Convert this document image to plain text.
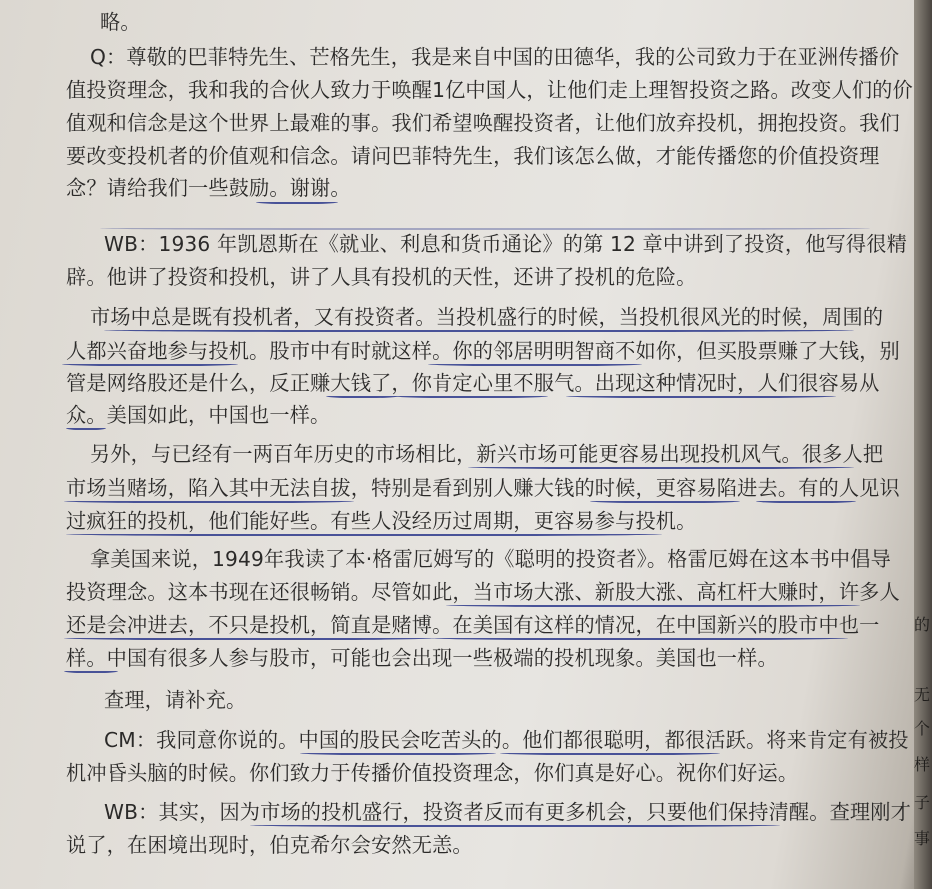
略。
Q：尊敬的巴菲特先生、芒格先生，我是来自中国的田德华，我的公司致力于在亚洲传播价
值投资理念，我和我的合伙人致力于唤醒1亿中国人，让他们走上理智投资之路。改变人们的价
值观和信念是这个世界上最难的事。我们希望唤醒投资者，让他们放弃投机，拥抱投资。我们
要改变投机者的价值观和信念。请问巴菲特先生，我们该怎么做，才能传播您的价值投资理
念？请给我们一些鼓励。谢谢。
WB：1936 年凯恩斯在《就业、利息和货币通论》的第 12 章中讲到了投资，他写得很精
辟。他讲了投资和投机，讲了人具有投机的天性，还讲了投机的危险。
市场中总是既有投机者，又有投资者。当投机盛行的时候，当投机很风光的时候，周围的
人都兴奋地参与投机。股市中有时就这样。你的邻居明明智商不如你，但买股票赚了大钱，别
管是网络股还是什么，反正赚大钱了，你肯定心里不服气。出现这种情况时，人们很容易从
众。美国如此，中国也一样。
另外，与已经有一两百年历史的市场相比，新兴市场可能更容易出现投机风气。很多人把
市场当赌场，陷入其中无法自拔，特别是看到别人赚大钱的时候，更容易陷进去。有的人见识
过疯狂的投机，他们能好些。有些人没经历过周期，更容易参与投机。
拿美国来说，1949年我读了本·格雷厄姆写的《聪明的投资者》。格雷厄姆在这本书中倡导
投资理念。这本书现在还很畅销。尽管如此，当市场大涨、新股大涨、高杠杆大赚时，许多人
还是会冲进去，不只是投机，简直是赌博。在美国有这样的情况，在中国新兴的股市中也一
样。中国有很多人参与股市，可能也会出现一些极端的投机现象。美国也一样。
查理，请补充。
CM：我同意你说的。中国的股民会吃苦头的。他们都很聪明，都很活跃。将来肯定有被投
机冲昏头脑的时候。你们致力于传播价值投资理念，你们真是好心。祝你们好运。
WB：其实，因为市场的投机盛行，投资者反而有更多机会，只要他们保持清醒。查理刚才
说了，在困境出现时，伯克希尔会安然无恙。
的
无
个
样
子
事
